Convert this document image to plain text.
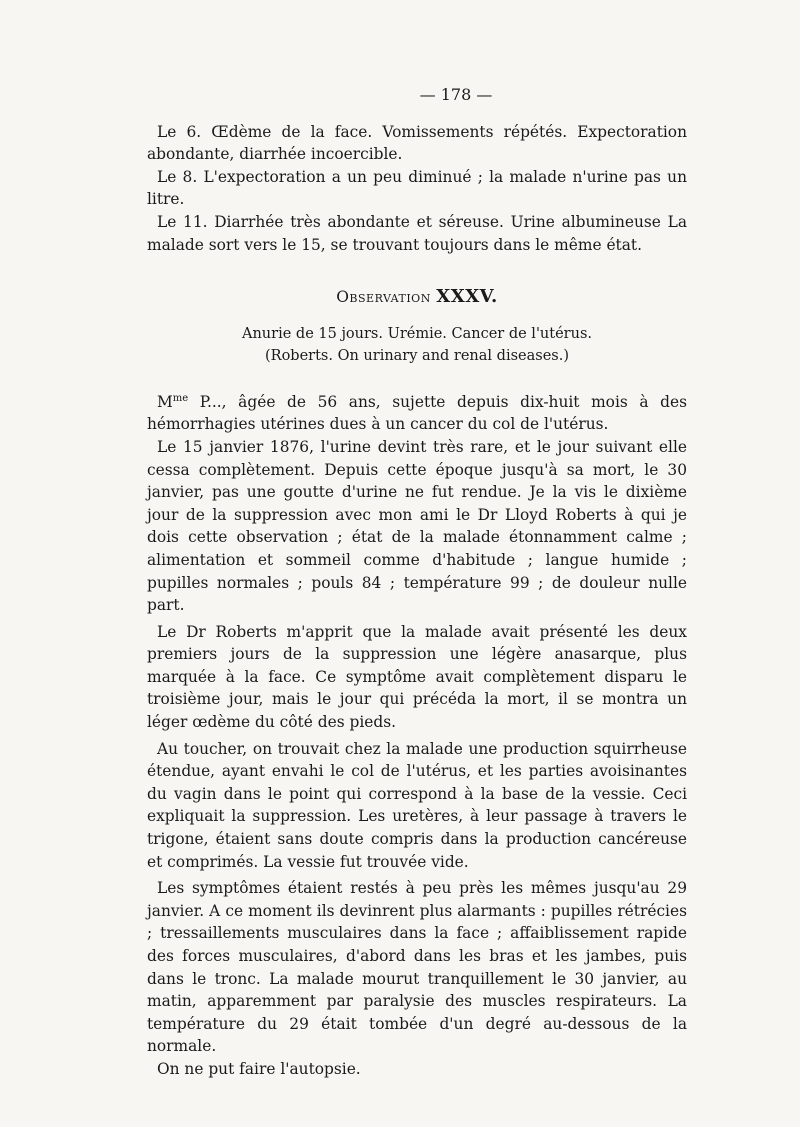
— 178 —

Le 6. Œdème de la face. Vomissements répétés. Expectoration abondante, diarrhée incoercible.

Le 8. L'expectoration a un peu diminué ; la malade n'urine pas un litre.

Le 11. Diarrhée très abondante et séreuse. Urine albumineuse La malade sort vers le 15, se trouvant toujours dans le même état.

Observation XXXV.
Anurie de 15 jours. Urémie. Cancer de l'utérus.
(Roberts. On urinary and renal diseases.)

$M^{me}$ P..., âgée de 56 ans, sujette depuis dix-huit mois à des hémorrhagies utérines dues à un cancer du col de l'utérus.

Le 15 janvier 1876, l'urine devint très rare, et le jour suivant elle cessa complètement. Depuis cette époque jusqu'à sa mort, le 30 janvier, pas une goutte d'urine ne fut rendue. Je la vis le dixième jour de la suppression avec mon ami le Dr Lloyd Roberts à qui je dois cette observation ; état de la malade étonnamment calme ; alimentation et sommeil comme d'habitude ; langue humide ; pupilles normales ; pouls 84 ; température 99 ; de douleur nulle part.

Le Dr Roberts m'apprit que la malade avait présenté les deux premiers jours de la suppression une légère anasarque, plus marquée à la face. Ce symptôme avait complètement disparu le troisième jour, mais le jour qui précéda la mort, il se montra un léger œdème du côté des pieds.

Au toucher, on trouvait chez la malade une production squirrheuse étendue, ayant envahi le col de l'utérus, et les parties avoisinantes du vagin dans le point qui correspond à la base de la vessie. Ceci expliquait la suppression. Les uretères, à leur passage à travers le trigone, étaient sans doute compris dans la production cancéreuse et comprimés. La vessie fut trouvée vide.

Les symptômes étaient restés à peu près les mêmes jusqu'au 29 janvier. A ce moment ils devinrent plus alarmants : pupilles rétrécies ; tressaillements musculaires dans la face ; affaiblissement rapide des forces musculaires, d'abord dans les bras et les jambes, puis dans le tronc. La malade mourut tranquillement le 30 janvier, au matin, apparemment par paralysie des muscles respirateurs. La température du 29 était tombée d'un degré au-dessous de la normale.

On ne put faire l'autopsie.
